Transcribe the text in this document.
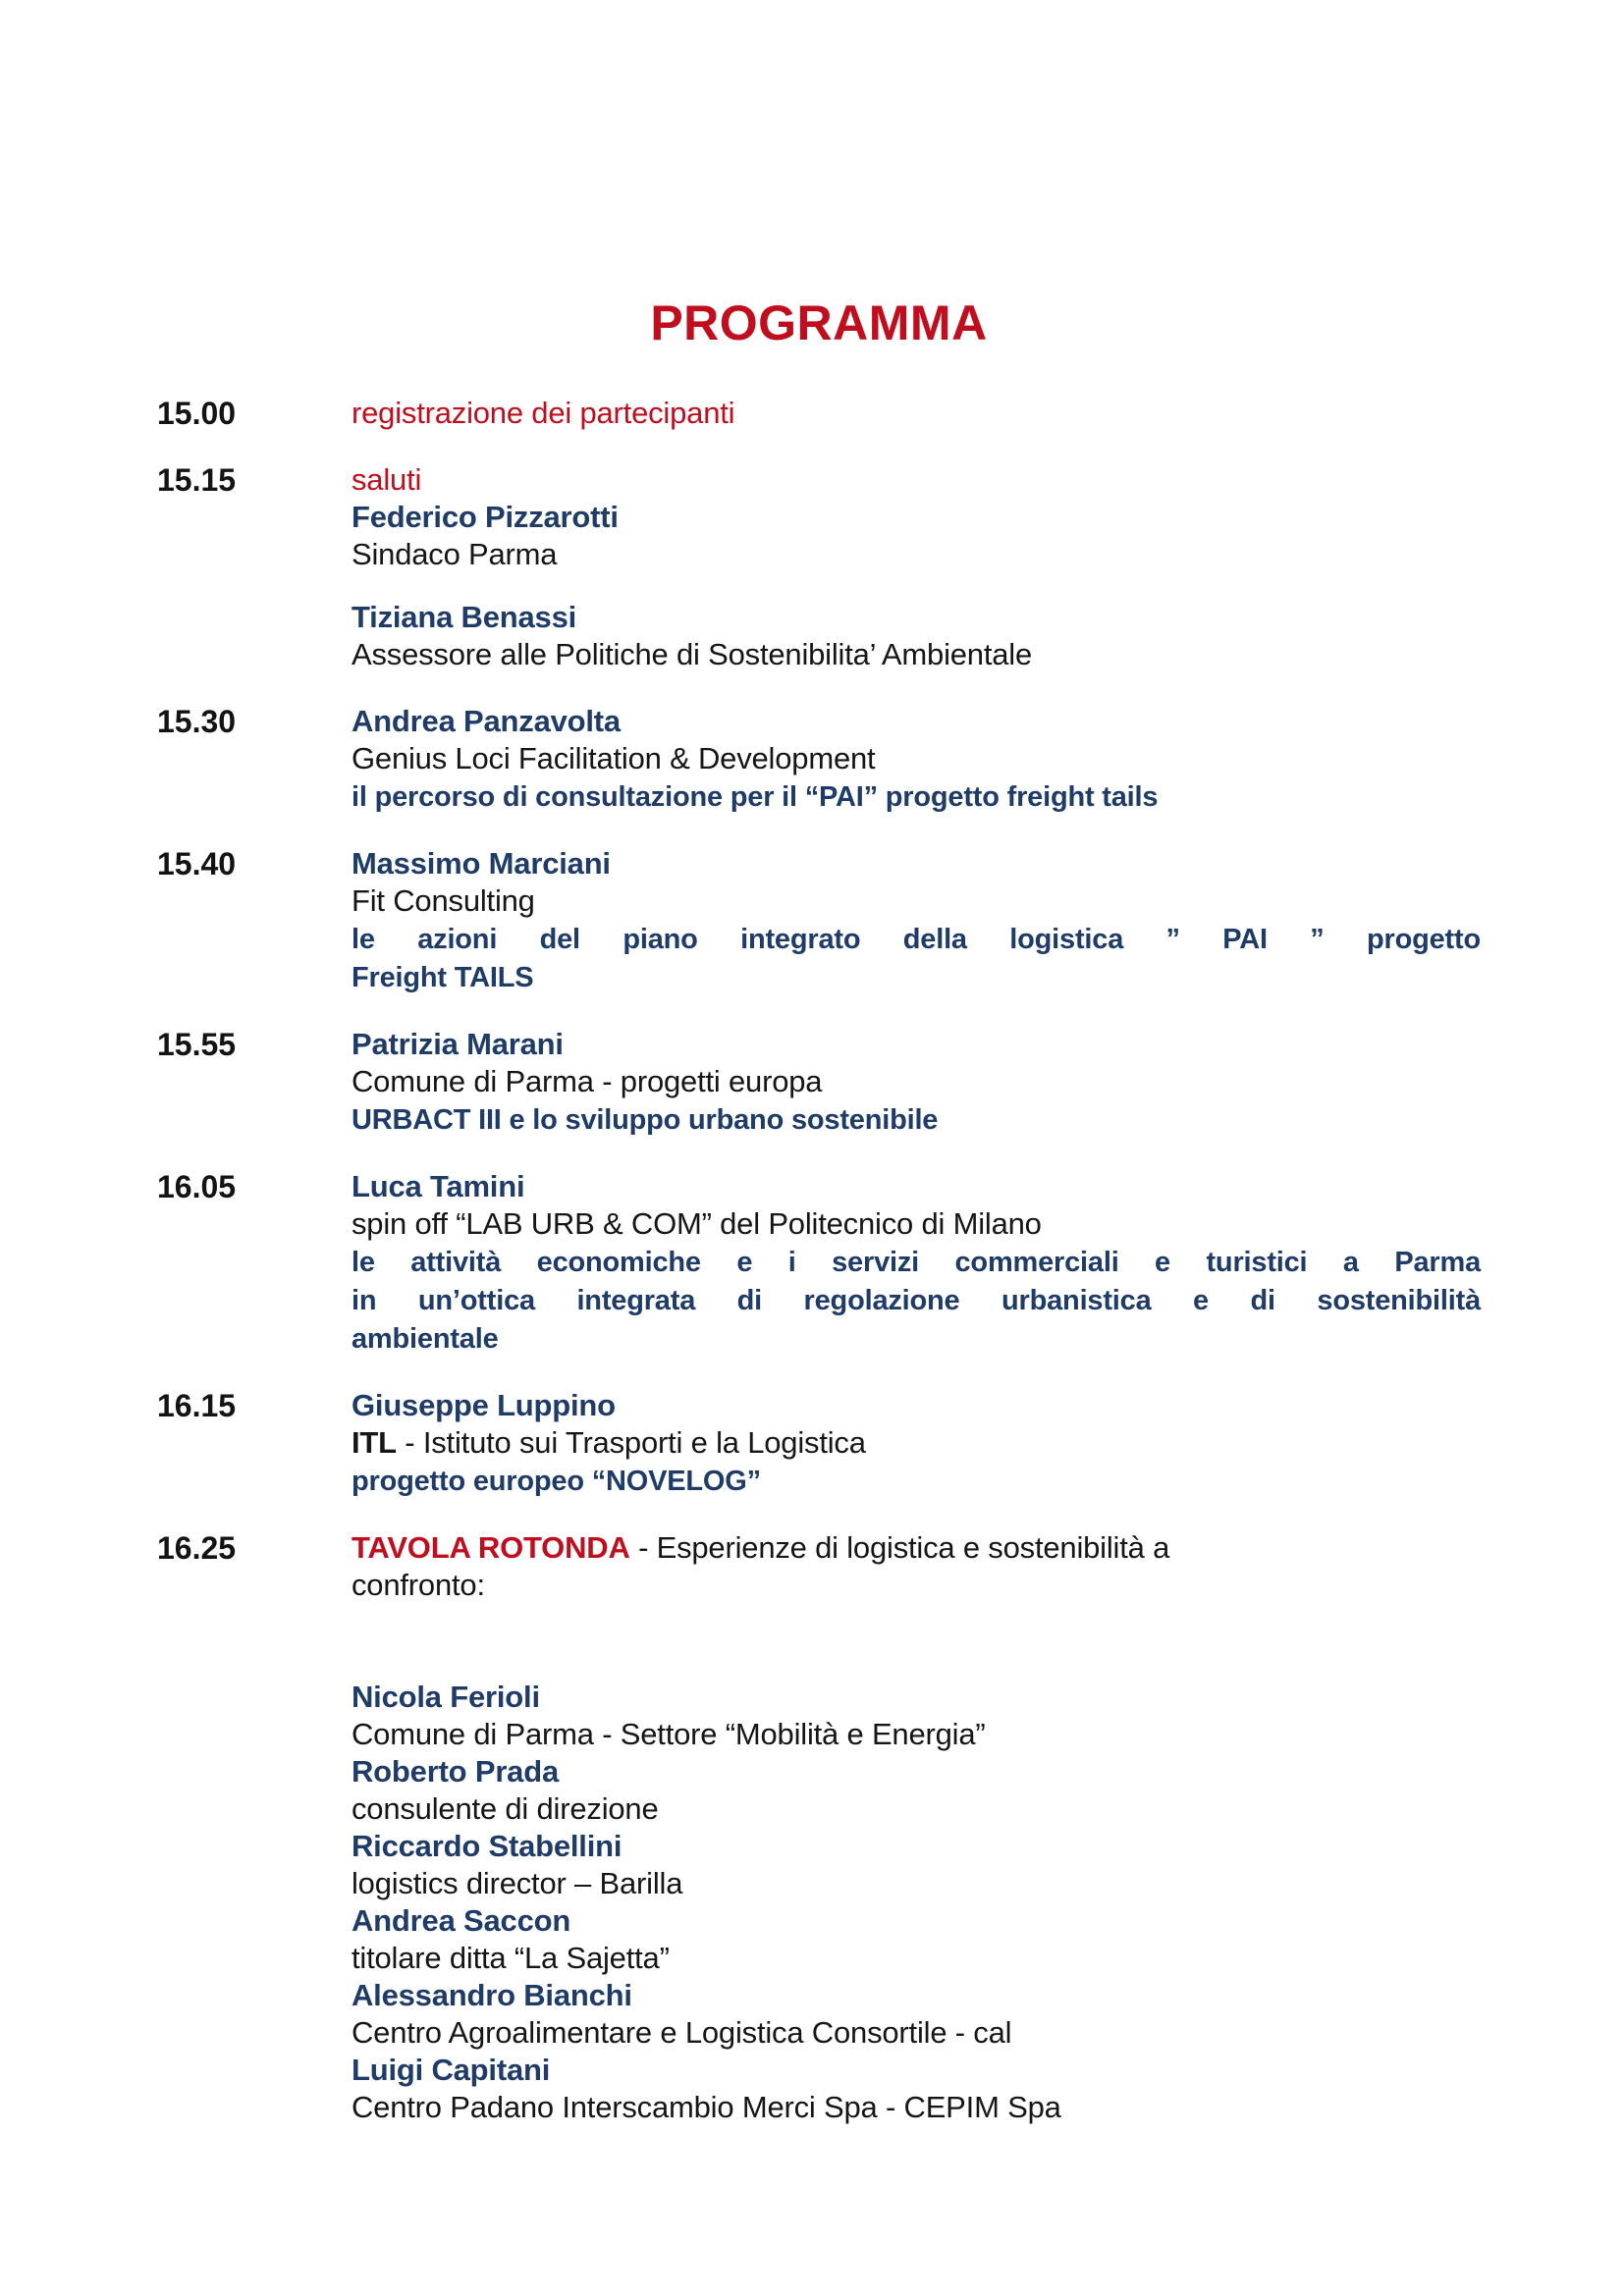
PROGRAMMA
15.00	registrazione dei partecipanti
15.15	saluti
Federico Pizzarotti
Sindaco Parma
Tiziana Benassi
Assessore alle Politiche di Sostenibilita’ Ambientale
15.30	Andrea Panzavolta
Genius Loci Facilitation & Development
il percorso di consultazione per il “PAI” progetto freight tails
15.40	Massimo Marciani
Fit Consulting
le azioni del piano integrato della logistica ” PAI ” progetto
Freight TAILS
15.55	Patrizia Marani
Comune di Parma - progetti europa
URBACT III e lo sviluppo urbano sostenibile
16.05	Luca Tamini
spin off “LAB URB & COM” del Politecnico di Milano
le attività economiche e i servizi commerciali e turistici a Parma
in un’ottica integrata di regolazione urbanistica e di sostenibilità
ambientale
16.15	Giuseppe Luppino
ITL - Istituto sui Trasporti e la Logistica
progetto europeo “NOVELOG”
16.25	TAVOLA ROTONDA - Esperienze di logistica e sostenibilità a
confronto:
Nicola Ferioli
Comune di Parma - Settore “Mobilità e Energia”
Roberto Prada
consulente di direzione
Riccardo Stabellini
logistics director – Barilla
Andrea Saccon
titolare ditta “La Sajetta”
Alessandro Bianchi
Centro Agroalimentare e Logistica Consortile - cal
Luigi Capitani
Centro Padano Interscambio Merci Spa - CEPIM Spa
